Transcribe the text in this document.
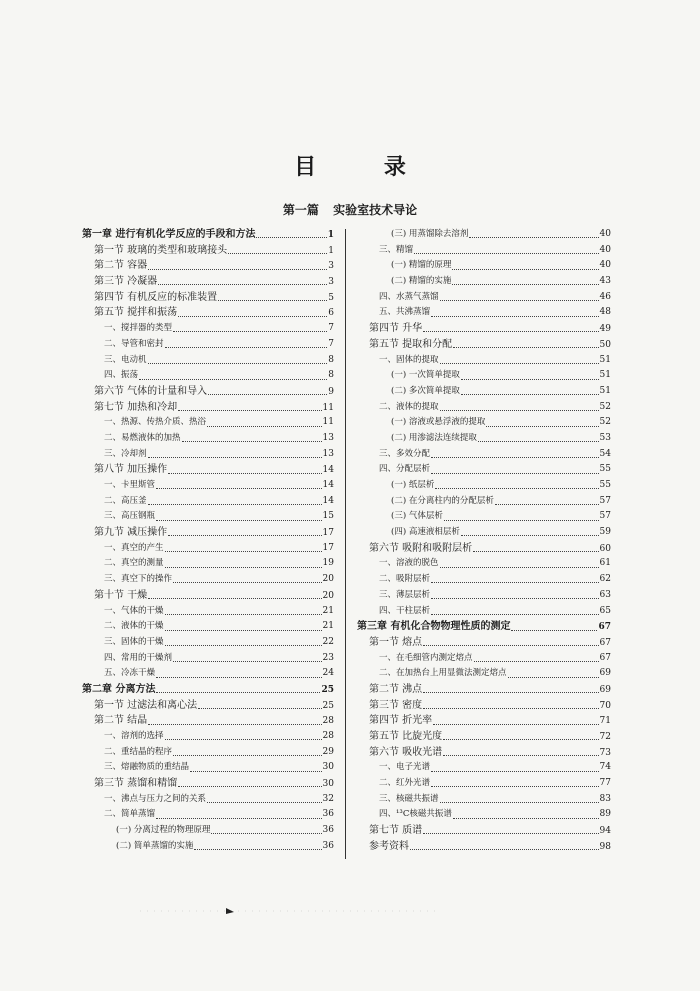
目 录
第一篇 实验室技术导论
第一章 进行有机化学反应的手段和方法	1
第一节 玻璃的类型和玻璃接头	1
第二节 容器	3
第三节 冷凝器	3
第四节 有机反应的标准装置	5
第五节 搅拌和振荡	6
一、搅拌器的类型	7
二、导管和密封	7
三、电动机	8
四、振荡	8
第六节 气体的计量和导入	9
第七节 加热和冷却	11
一、热源、传热介质、热浴	11
二、易燃液体的加热	13
三、冷却剂	13
第八节 加压操作	14
一、卡里斯管	14
二、高压釜	14
三、高压钢瓶	15
第九节 减压操作	17
一、真空的产生	17
二、真空的测量	19
三、真空下的操作	20
第十节 干燥	20
一、气体的干燥	21
二、液体的干燥	21
三、固体的干燥	22
四、常用的干燥剂	23
五、冷冻干燥	24
第二章 分离方法	25
第一节 过滤法和离心法	25
第二节 结晶	28
一、溶剂的选择	28
二、重结晶的程序	29
三、熔融物质的重结晶	30
第三节 蒸馏和精馏	30
一、沸点与压力之间的关系	32
二、简单蒸馏	36
(一) 分离过程的物理原理	36
(二) 简单蒸馏的实施	36
(三) 用蒸馏除去溶剂	40
三、精馏	40
(一) 精馏的原理	40
(二) 精馏的实施	43
四、水蒸气蒸馏	46
五、共沸蒸馏	48
第四节 升华	49
第五节 提取和分配	50
一、固体的提取	51
(一) 一次简单提取	51
(二) 多次简单提取	51
二、液体的提取	52
(一) 溶液或悬浮液的提取	52
(二) 用渗滤法连续提取	53
三、多效分配	54
四、分配层析	55
(一) 纸层析	55
(二) 在分离柱内的分配层析	57
(三) 气体层析	57
(四) 高速液相层析	59
第六节 吸附和吸附层析	60
一、溶液的脱色	61
二、吸附层析	62
三、薄层层析	63
四、干柱层析	65
第三章 有机化合物物理性质的测定	67
第一节 熔点	67
一、在毛细管内测定熔点	67
二、在加热台上用显微法测定熔点	69
第二节 沸点	69
第三节 密度	70
第四节 折光率	71
第五节 比旋光度	72
第六节 吸收光谱	73
一、电子光谱	74
二、红外光谱	77
三、核磁共振谱	83
四、¹³C核磁共振谱	89
第七节 质谱	94
参考资料	98
